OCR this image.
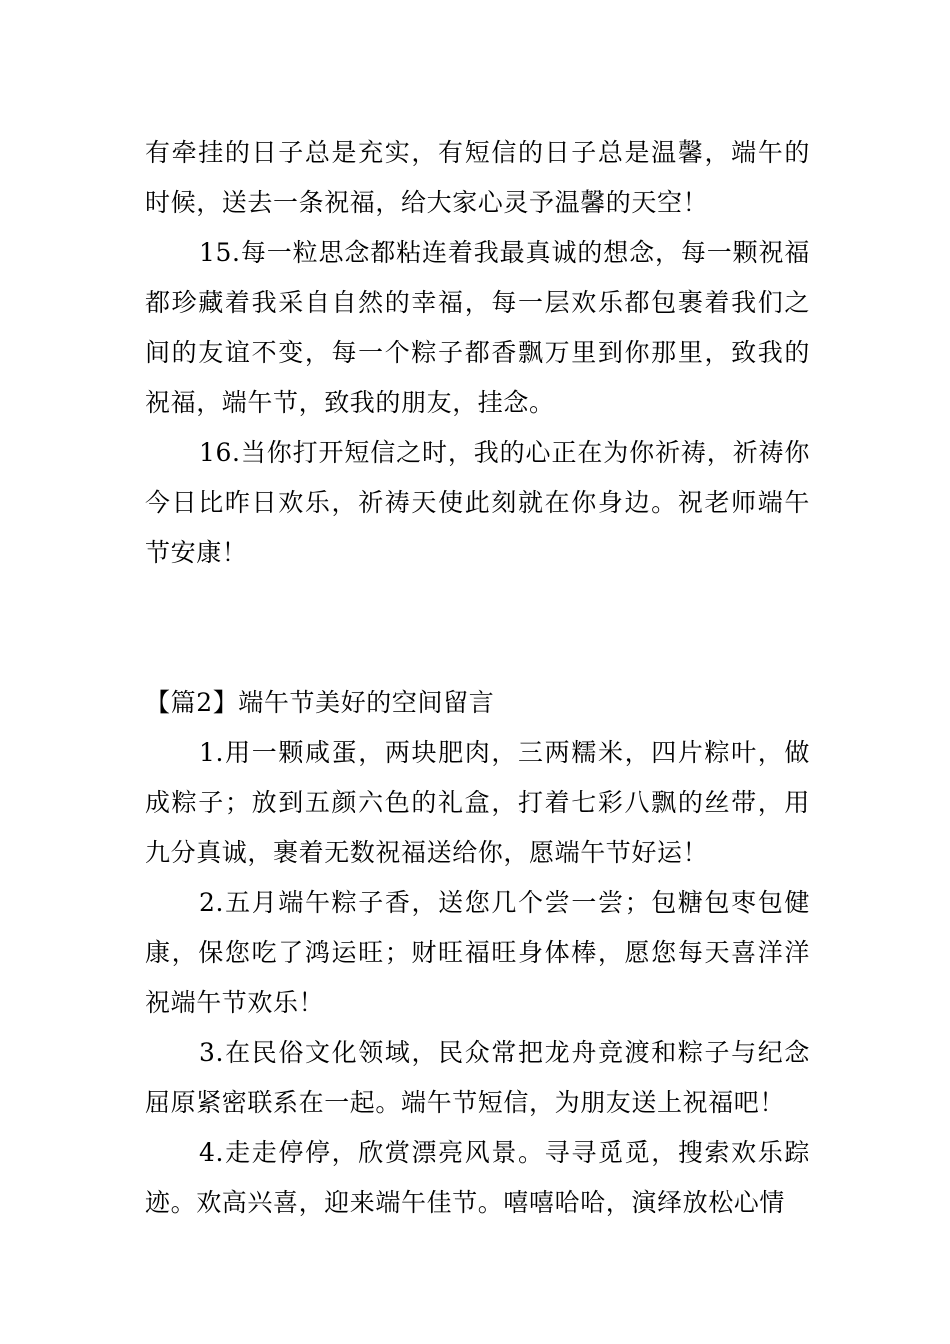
有牵挂的日子总是充实，有短信的日子总是温馨，端午的时候，送去一条祝福，给大家心灵予温馨的天空！

15.每一粒思念都粘连着我最真诚的想念，每一颗祝福都珍藏着我采自自然的幸福，每一层欢乐都包裹着我们之间的友谊不变，每一个粽子都香飘万里到你那里，致我的祝福，端午节，致我的朋友，挂念。

16.当你打开短信之时，我的心正在为你祈祷，祈祷你今日比昨日欢乐，祈祷天使此刻就在你身边。祝老师端午节安康！

【篇2】端午节美好的空间留言

1.用一颗咸蛋，两块肥肉，三两糯米，四片粽叶，做成粽子；放到五颜六色的礼盒，打着七彩八飘的丝带，用九分真诚，裹着无数祝福送给你，愿端午节好运！

2.五月端午粽子香，送您几个尝一尝；包糖包枣包健康，保您吃了鸿运旺；财旺福旺身体棒，愿您每天喜洋洋祝端午节欢乐！

3.在民俗文化领域，民众常把龙舟竞渡和粽子与纪念屈原紧密联系在一起。端午节短信，为朋友送上祝福吧！

4.走走停停，欣赏漂亮风景。寻寻觅觅，搜索欢乐踪迹。欢高兴喜，迎来端午佳节。嘻嘻哈哈，演绎放松心情
